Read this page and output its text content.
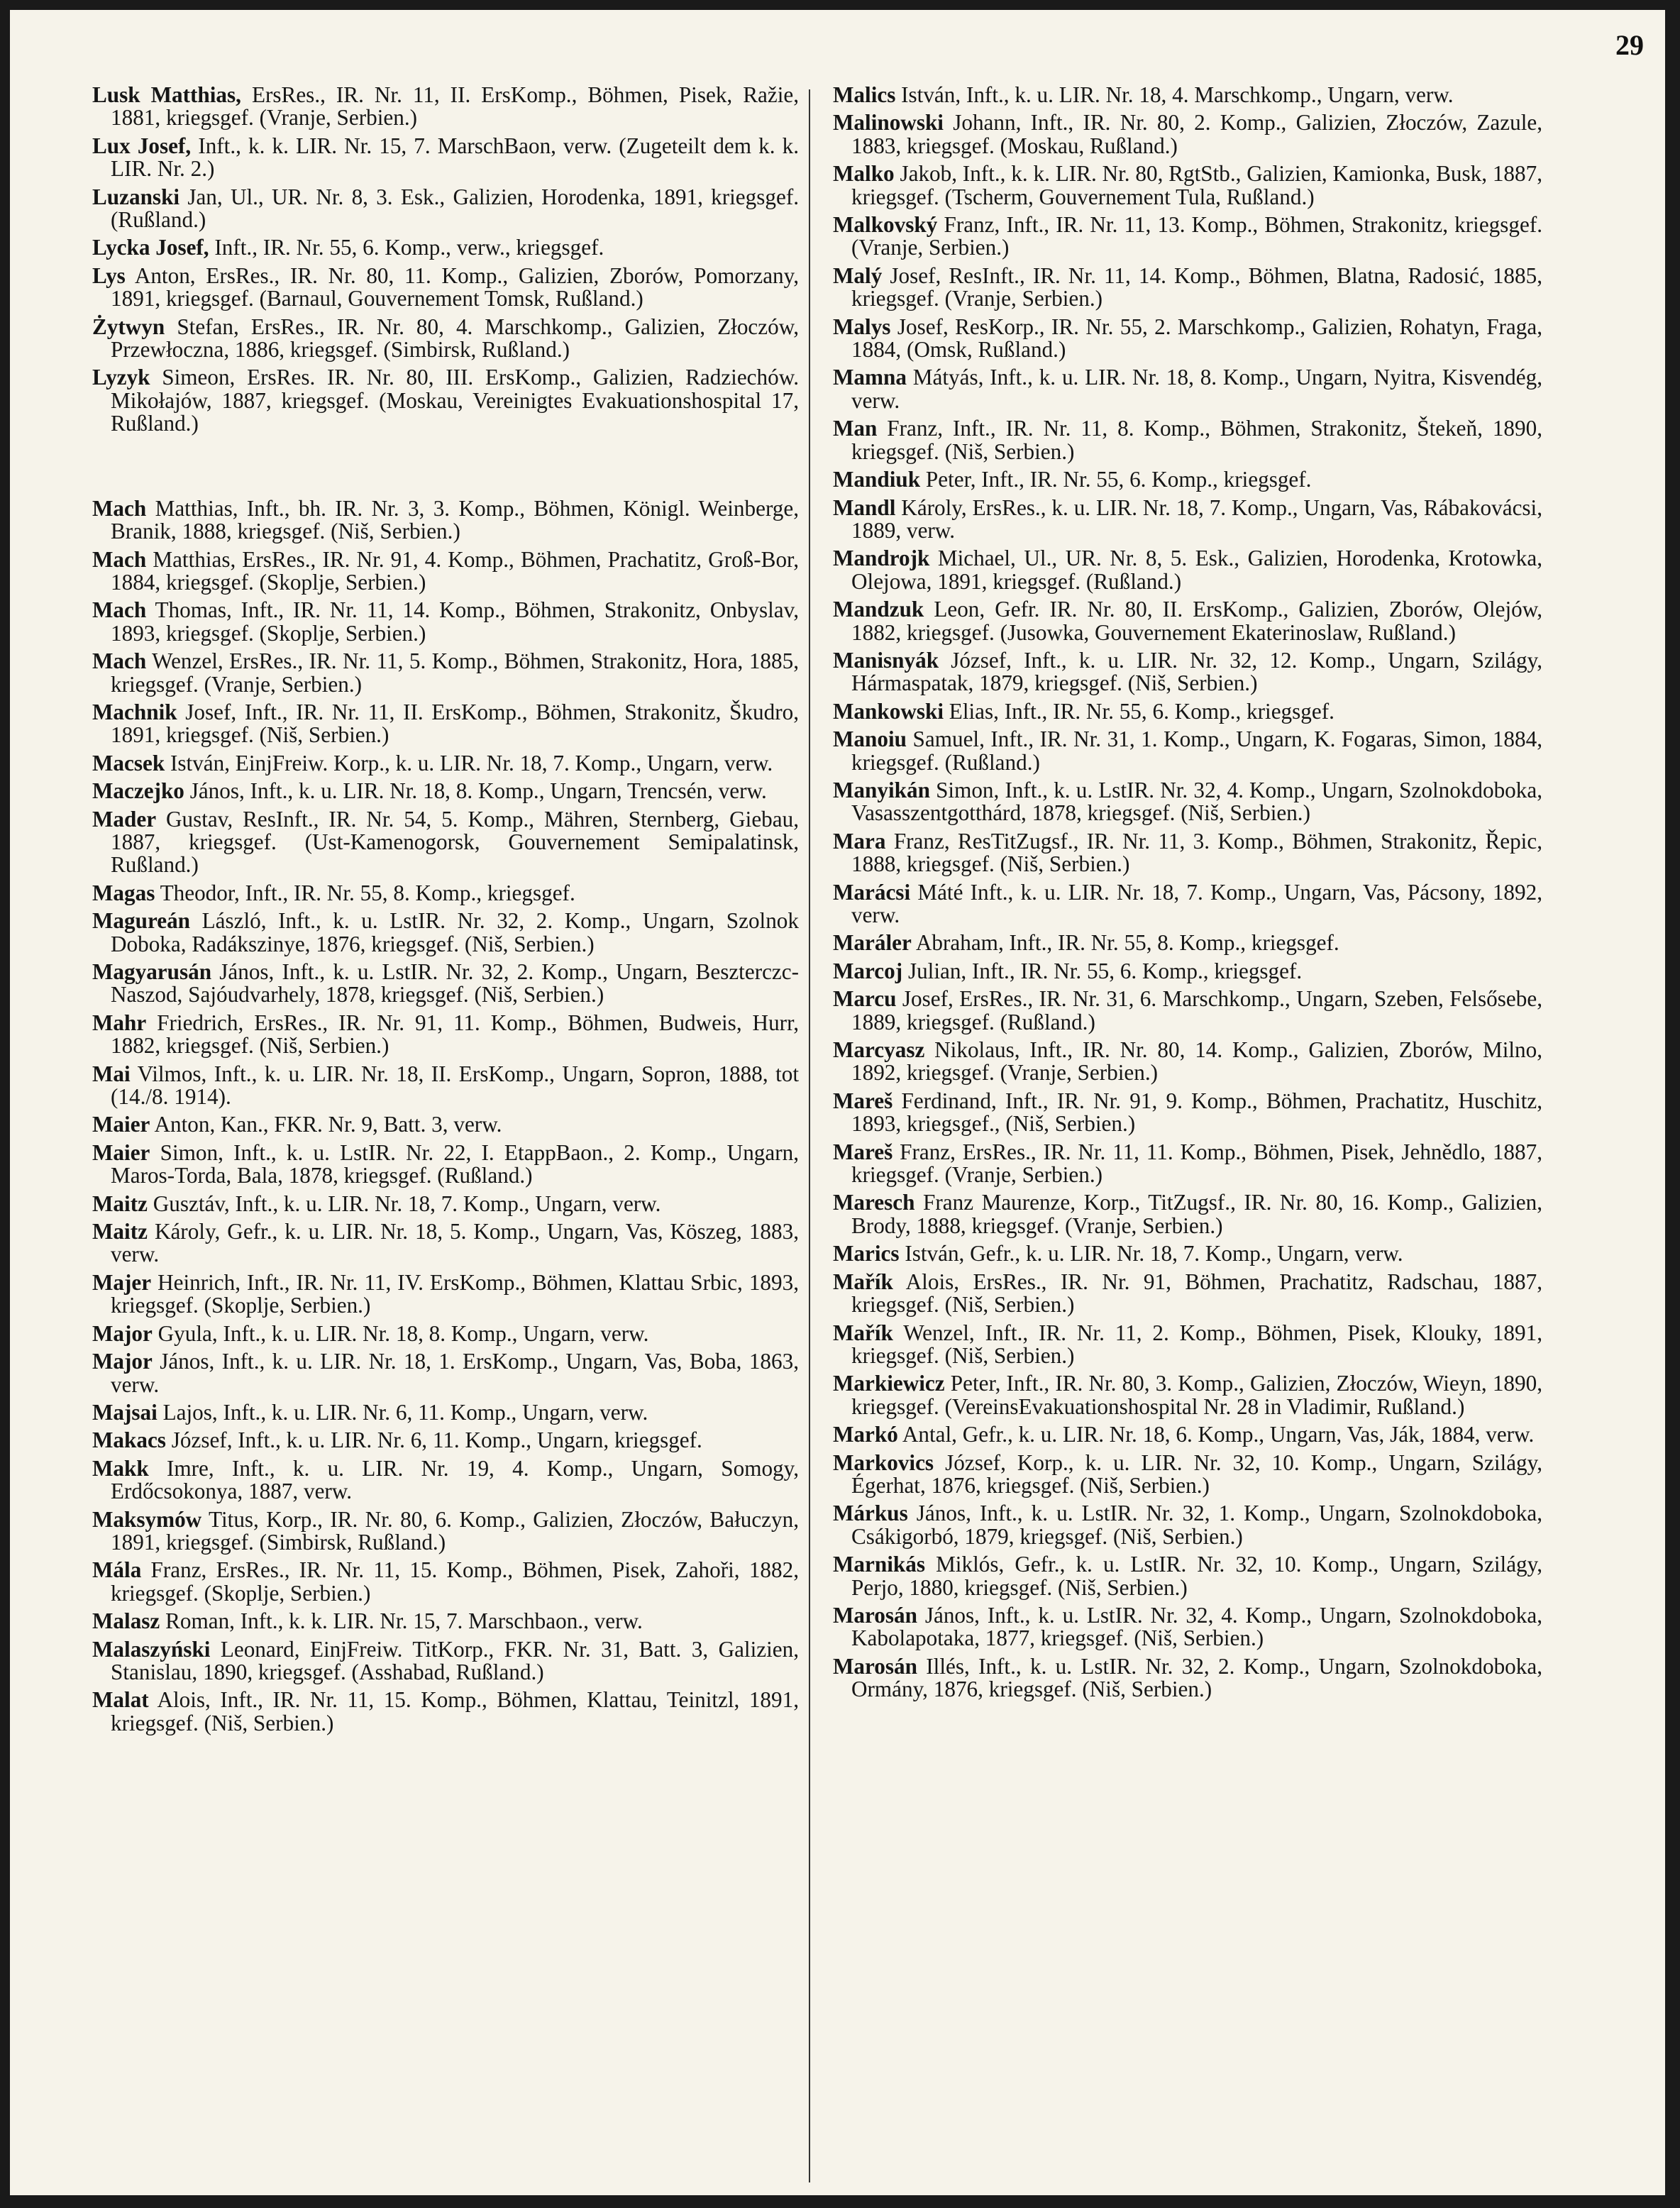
29
Lusk Matthias, ErsRes., IR. Nr. 11, II. ErsKomp., Böhmen, Pisek, Ražie, 1881, kriegsgef. (Vranje, Serbien.)
Lux Josef, Inft., k. k. LIR. Nr. 15, 7. MarschBaon, verw. (Zugeteilt dem k. k. LIR. Nr. 2.)
Luzanski Jan, Ul., UR. Nr. 8, 3. Esk., Galizien, Horodenka, 1891, kriegsgef. (Rußland.)
Lycka Josef, Inft., IR. Nr. 55, 6. Komp., verw., kriegsgef.
Lys Anton, ErsRes., IR. Nr. 80, 11. Komp., Galizien, Zborów, Pomorzany, 1891, kriegsgef. (Barnaul, Gouvernement Tomsk, Rußland.)
Żytwyn Stefan, ErsRes., IR. Nr. 80, 4. Marschkomp., Galizien, Złoczów, Przewłoczna, 1886, kriegsgef. (Simbirsk, Rußland.)
Lyzyk Simeon, ErsRes. IR. Nr. 80, III. ErsKomp., Galizien, Radziechów. Mikołajów, 1887, kriegsgef. (Moskau, Vereinigtes Evakuationshospital 17, Rußland.)
Mach Matthias, Inft., bh. IR. Nr. 3, 3. Komp., Böhmen, Königl. Weinberge, Branik, 1888, kriegsgef. (Niš, Serbien.)
Mach Matthias, ErsRes., IR. Nr. 91, 4. Komp., Böhmen, Prachatitz, Groß-Bor, 1884, kriegsgef. (Skoplje, Serbien.)
Mach Thomas, Inft., IR. Nr. 11, 14. Komp., Böhmen, Strakonitz, Onbyslav, 1893, kriegsgef. (Skoplje, Serbien.)
Mach Wenzel, ErsRes., IR. Nr. 11, 5. Komp., Böhmen, Strakonitz, Hora, 1885, kriegsgef. (Vranje, Serbien.)
Machnik Josef, Inft., IR. Nr. 11, II. ErsKomp., Böhmen, Strakonitz, Škudro, 1891, kriegsgef. (Niš, Serbien.)
Macsek István, EinjFreiw. Korp., k. u. LIR. Nr. 18, 7. Komp., Ungarn, verw.
Maczejko János, Inft., k. u. LIR. Nr. 18, 8. Komp., Ungarn, Trencsén, verw.
Mader Gustav, ResInft., IR. Nr. 54, 5. Komp., Mähren, Sternberg, Giebau, 1887, kriegsgef. (Ust-Kamenogorsk, Gouvernement Semipalatinsk, Rußland.)
Magas Theodor, Inft., IR. Nr. 55, 8. Komp., kriegsgef.
Magureán László, Inft., k. u. LstIR. Nr. 32, 2. Komp., Ungarn, Szolnok Doboka, Radákszinye, 1876, kriegsgef. (Niš, Serbien.)
Magyarusán János, Inft., k. u. LstIR. Nr. 32, 2. Komp., Ungarn, Beszterczc-Naszod, Sajóudvarhely, 1878, kriegsgef. (Niš, Serbien.)
Mahr Friedrich, ErsRes., IR. Nr. 91, 11. Komp., Böhmen, Budweis, Hurr, 1882, kriegsgef. (Niš, Serbien.)
Mai Vilmos, Inft., k. u. LIR. Nr. 18, II. ErsKomp., Ungarn, Sopron, 1888, tot (14./8. 1914).
Maier Anton, Kan., FKR. Nr. 9, Batt. 3, verw.
Maier Simon, Inft., k. u. LstIR. Nr. 22, I. EtappBaon., 2. Komp., Ungarn, Maros-Torda, Bala, 1878, kriegsgef. (Rußland.)
Maitz Gusztáv, Inft., k. u. LIR. Nr. 18, 7. Komp., Ungarn, verw.
Maitz Károly, Gefr., k. u. LIR. Nr. 18, 5. Komp., Ungarn, Vas, Köszeg, 1883, verw.
Majer Heinrich, Inft., IR. Nr. 11, IV. ErsKomp., Böhmen, Klattau Srbic, 1893, kriegsgef. (Skoplje, Serbien.)
Major Gyula, Inft., k. u. LIR. Nr. 18, 8. Komp., Ungarn, verw.
Major János, Inft., k. u. LIR. Nr. 18, 1. ErsKomp., Ungarn, Vas, Boba, 1863, verw.
Majsai Lajos, Inft., k. u. LIR. Nr. 6, 11. Komp., Ungarn, verw.
Makacs József, Inft., k. u. LIR. Nr. 6, 11. Komp., Ungarn, kriegsgef.
Makk Imre, Inft., k. u. LIR. Nr. 19, 4. Komp., Ungarn, Somogy, Erdőcsokonya, 1887, verw.
Maksymów Titus, Korp., IR. Nr. 80, 6. Komp., Galizien, Złoczów, Bałuczyn, 1891, kriegsgef. (Simbirsk, Rußland.)
Mála Franz, ErsRes., IR. Nr. 11, 15. Komp., Böhmen, Pisek, Zahoři, 1882, kriegsgef. (Skoplje, Serbien.)
Malasz Roman, Inft., k. k. LIR. Nr. 15, 7. Marschbaon., verw.
Malaszyński Leonard, EinjFreiw. TitKorp., FKR. Nr. 31, Batt. 3, Galizien, Stanislau, 1890, kriegsgef. (Asshabad, Rußland.)
Malat Alois, Inft., IR. Nr. 11, 15. Komp., Böhmen, Klattau, Teinitzl, 1891, kriegsgef. (Niš, Serbien.)
Malics István, Inft., k. u. LIR. Nr. 18, 4. Marschkomp., Ungarn, verw.
Malinowski Johann, Inft., IR. Nr. 80, 2. Komp., Galizien, Złoczów, Zazule, 1883, kriegsgef. (Moskau, Rußland.)
Malko Jakob, Inft., k. k. LIR. Nr. 80, RgtStb., Galizien, Kamionka, Busk, 1887, kriegsgef. (Tscherm, Gouvernement Tula, Rußland.)
Malkovský Franz, Inft., IR. Nr. 11, 13. Komp., Böhmen, Strakonitz, kriegsgef. (Vranje, Serbien.)
Malý Josef, ResInft., IR. Nr. 11, 14. Komp., Böhmen, Blatna, Radosić, 1885, kriegsgef. (Vranje, Serbien.)
Malys Josef, ResKorp., IR. Nr. 55, 2. Marschkomp., Galizien, Rohatyn, Fraga, 1884, (Omsk, Rußland.)
Mamna Mátyás, Inft., k. u. LIR. Nr. 18, 8. Komp., Ungarn, Nyitra, Kisvendég, verw.
Man Franz, Inft., IR. Nr. 11, 8. Komp., Böhmen, Strakonitz, Štekeň, 1890, kriegsgef. (Niš, Serbien.)
Mandiuk Peter, Inft., IR. Nr. 55, 6. Komp., kriegsgef.
Mandl Károly, ErsRes., k. u. LIR. Nr. 18, 7. Komp., Ungarn, Vas, Rábakovácsi, 1889, verw.
Mandrojk Michael, Ul., UR. Nr. 8, 5. Esk., Galizien, Horodenka, Krotowka, Olejowa, 1891, kriegsgef. (Rußland.)
Mandzuk Leon, Gefr. IR. Nr. 80, II. ErsKomp., Galizien, Zborów, Olejów, 1882, kriegsgef. (Jusowka, Gouvernement Ekaterinoslaw, Rußland.)
Manisnyák József, Inft., k. u. LIR. Nr. 32, 12. Komp., Ungarn, Szilágy, Hármaspatak, 1879, kriegsgef. (Niš, Serbien.)
Mankowski Elias, Inft., IR. Nr. 55, 6. Komp., kriegsgef.
Manoiu Samuel, Inft., IR. Nr. 31, 1. Komp., Ungarn, K. Fogaras, Simon, 1884, kriegsgef. (Rußland.)
Manyikán Simon, Inft., k. u. LstIR. Nr. 32, 4. Komp., Ungarn, Szolnokdoboka, Vasasszentgotthárd, 1878, kriegsgef. (Niš, Serbien.)
Mara Franz, ResTitZugsf., IR. Nr. 11, 3. Komp., Böhmen, Strakonitz, Řepic, 1888, kriegsgef. (Niš, Serbien.)
Marácsi Máté Inft., k. u. LIR. Nr. 18, 7. Komp., Ungarn, Vas, Pácsony, 1892, verw.
Maráler Abraham, Inft., IR. Nr. 55, 8. Komp., kriegsgef.
Marcoj Julian, Inft., IR. Nr. 55, 6. Komp., kriegsgef.
Marcu Josef, ErsRes., IR. Nr. 31, 6. Marschkomp., Ungarn, Szeben, Felsősebe, 1889, kriegsgef. (Rußland.)
Marcyasz Nikolaus, Inft., IR. Nr. 80, 14. Komp., Galizien, Zborów, Milno, 1892, kriegsgef. (Vranje, Serbien.)
Mareš Ferdinand, Inft., IR. Nr. 91, 9. Komp., Böhmen, Prachatitz, Huschitz, 1893, kriegsgef., (Niš, Serbien.)
Mareš Franz, ErsRes., IR. Nr. 11, 11. Komp., Böhmen, Pisek, Jehnědlo, 1887, kriegsgef. (Vranje, Serbien.)
Maresch Franz Maurenze, Korp., TitZugsf., IR. Nr. 80, 16. Komp., Galizien, Brody, 1888, kriegsgef. (Vranje, Serbien.)
Marics István, Gefr., k. u. LIR. Nr. 18, 7. Komp., Ungarn, verw.
Mařík Alois, ErsRes., IR. Nr. 91, Böhmen, Prachatitz, Radschau, 1887, kriegsgef. (Niš, Serbien.)
Mařík Wenzel, Inft., IR. Nr. 11, 2. Komp., Böhmen, Pisek, Klouky, 1891, kriegsgef. (Niš, Serbien.)
Markiewicz Peter, Inft., IR. Nr. 80, 3. Komp., Galizien, Złoczów, Wieyn, 1890, kriegsgef. (VereinsEvakuationshospital Nr. 28 in Vladimir, Rußland.)
Markó Antal, Gefr., k. u. LIR. Nr. 18, 6. Komp., Ungarn, Vas, Ják, 1884, verw.
Markovics József, Korp., k. u. LIR. Nr. 32, 10. Komp., Ungarn, Szilágy, Égerhat, 1876, kriegsgef. (Niš, Serbien.)
Márkus János, Inft., k. u. LstIR. Nr. 32, 1. Komp., Ungarn, Szolnokdoboka, Csákigorbó, 1879, kriegsgef. (Niš, Serbien.)
Marnikás Miklós, Gefr., k. u. LstIR. Nr. 32, 10. Komp., Ungarn, Szilágy, Perjo, 1880, kriegsgef. (Niš, Serbien.)
Marosán János, Inft., k. u. LstIR. Nr. 32, 4. Komp., Ungarn, Szolnokdoboka, Kabolapotaka, 1877, kriegsgef. (Niš, Serbien.)
Marosán Illés, Inft., k. u. LstIR. Nr. 32, 2. Komp., Ungarn, Szolnokdoboka, Ormány, 1876, kriegsgef. (Niš, Serbien.)
